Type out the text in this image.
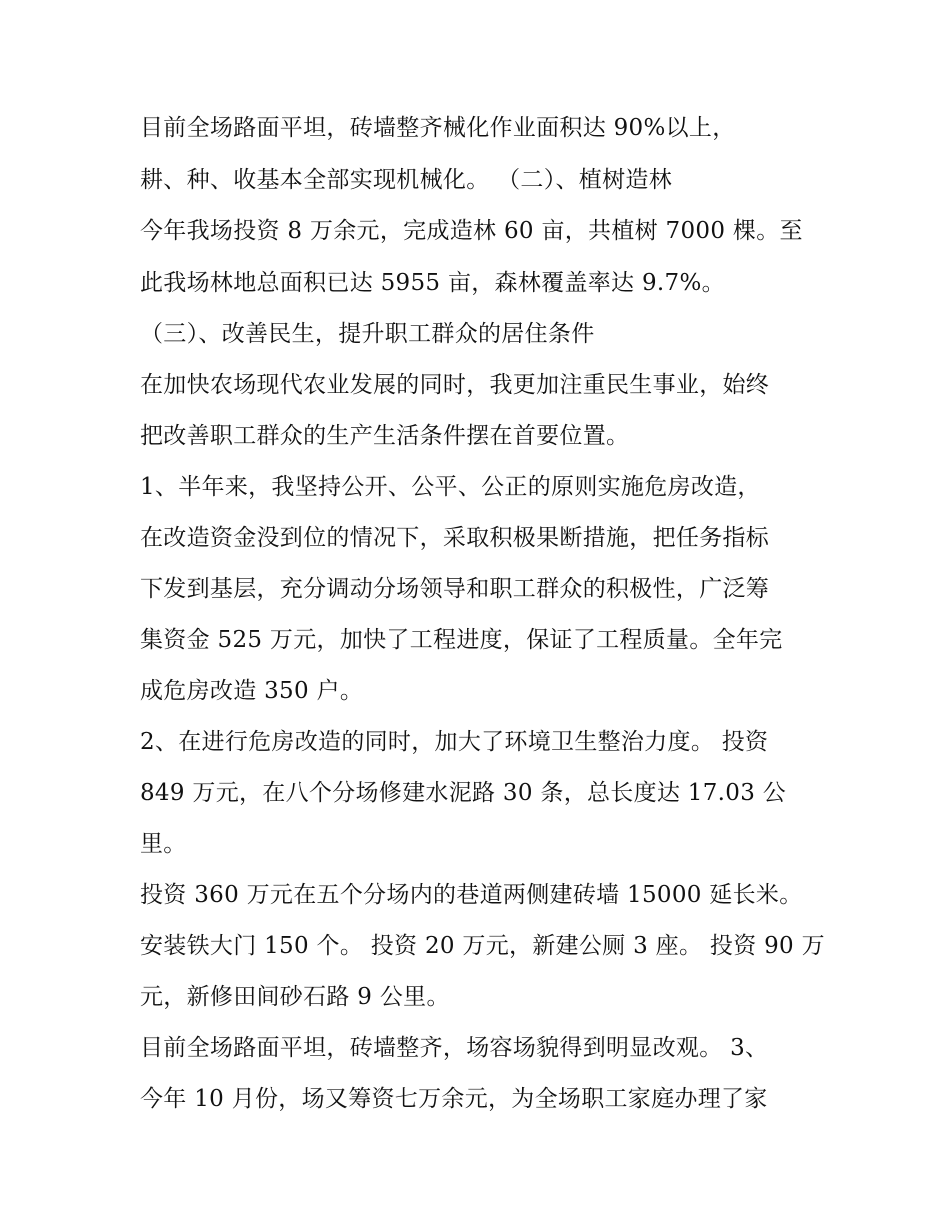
目前全场路面平坦，砖墙整齐械化作业面积达 90%以上，

耕、种、收基本全部实现机械化。 （二）、植树造林

今年我场投资 8 万余元，完成造林 60 亩，共植树 7000 棵。至

此我场林地总面积已达 5955 亩，森林覆盖率达 9.7%。

（三）、改善民生，提升职工群众的居住条件

在加快农场现代农业发展的同时，我更加注重民生事业，始终

把改善职工群众的生产生活条件摆在首要位置。

1、半年来，我坚持公开、公平、公正的原则实施危房改造，

在改造资金没到位的情况下，采取积极果断措施，把任务指标

下发到基层，充分调动分场领导和职工群众的积极性，广泛筹

集资金 525 万元，加快了工程进度，保证了工程质量。全年完

成危房改造 350 户。

2、在进行危房改造的同时，加大了环境卫生整治力度。 投资

849 万元，在八个分场修建水泥路 30 条，总长度达 17.03 公

里。

投资 360 万元在五个分场内的巷道两侧建砖墙 15000 延长米。

安装铁大门 150 个。 投资 20 万元，新建公厕 3 座。 投资 90 万

元，新修田间砂石路 9 公里。

目前全场路面平坦，砖墙整齐，场容场貌得到明显改观。 3、

今年 10 月份，场又筹资七万余元，为全场职工家庭办理了家
